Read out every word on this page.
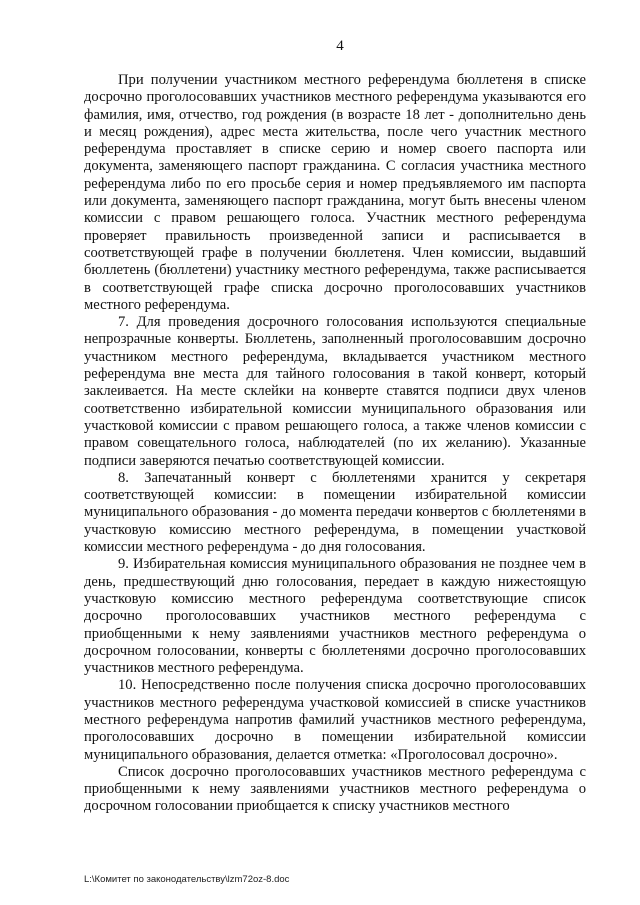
4

При получении участником местного референдума бюллетеня в списке досрочно проголосовавших участников местного референдума указываются его фамилия, имя, отчество, год рождения (в возрасте 18 лет - дополнительно день и месяц рождения), адрес места жительства, после чего участник местного референдума проставляет в списке серию и номер своего паспорта или документа, заменяющего паспорт гражданина. С согласия участника местного референдума либо по его просьбе серия и номер предъявляемого им паспорта или документа, заменяющего паспорт гражданина, могут быть внесены членом комиссии с правом решающего голоса. Участник местного референдума проверяет правильность произведенной записи и расписывается в соответствующей графе в получении бюллетеня. Член комиссии, выдавший бюллетень (бюллетени) участнику местного референдума, также расписывается в соответствующей графе списка досрочно проголосовавших участников местного референдума.

7. Для проведения досрочного голосования используются специальные непрозрачные конверты. Бюллетень, заполненный проголосовавшим досрочно участником местного референдума, вкладывается участником местного референдума вне места для тайного голосования в такой конверт, который заклеивается. На месте склейки на конверте ставятся подписи двух членов соответственно избирательной комиссии муниципального образования или участковой комиссии с правом решающего голоса, а также членов комиссии с правом совещательного голоса, наблюдателей (по их желанию). Указанные подписи заверяются печатью соответствующей комиссии.

8. Запечатанный конверт с бюллетенями хранится у секретаря соответствующей комиссии: в помещении избирательной комиссии муниципального образования - до момента передачи конвертов с бюллетенями в участковую комиссию местного референдума, в помещении участковой комиссии местного референдума - до дня голосования.

9. Избирательная комиссия муниципального образования не позднее чем в день, предшествующий дню голосования, передает в каждую нижестоящую участковую комиссию местного референдума соответствующие список досрочно проголосовавших участников местного референдума с приобщенными к нему заявлениями участников местного референдума о досрочном голосовании, конверты с бюллетенями досрочно проголосовавших участников местного референдума.

10. Непосредственно после получения списка досрочно проголосовавших участников местного референдума участковой комиссией в списке участников местного референдума напротив фамилий участников местного референдума, проголосовавших досрочно в помещении избирательной комиссии муниципального образования, делается отметка: «Проголосовал досрочно».

Список досрочно проголосовавших участников местного референдума с приобщенными к нему заявлениями участников местного референдума о досрочном голосовании приобщается к списку участников местного

L:\Комитет по законодательству\lzm72oz-8.doc
